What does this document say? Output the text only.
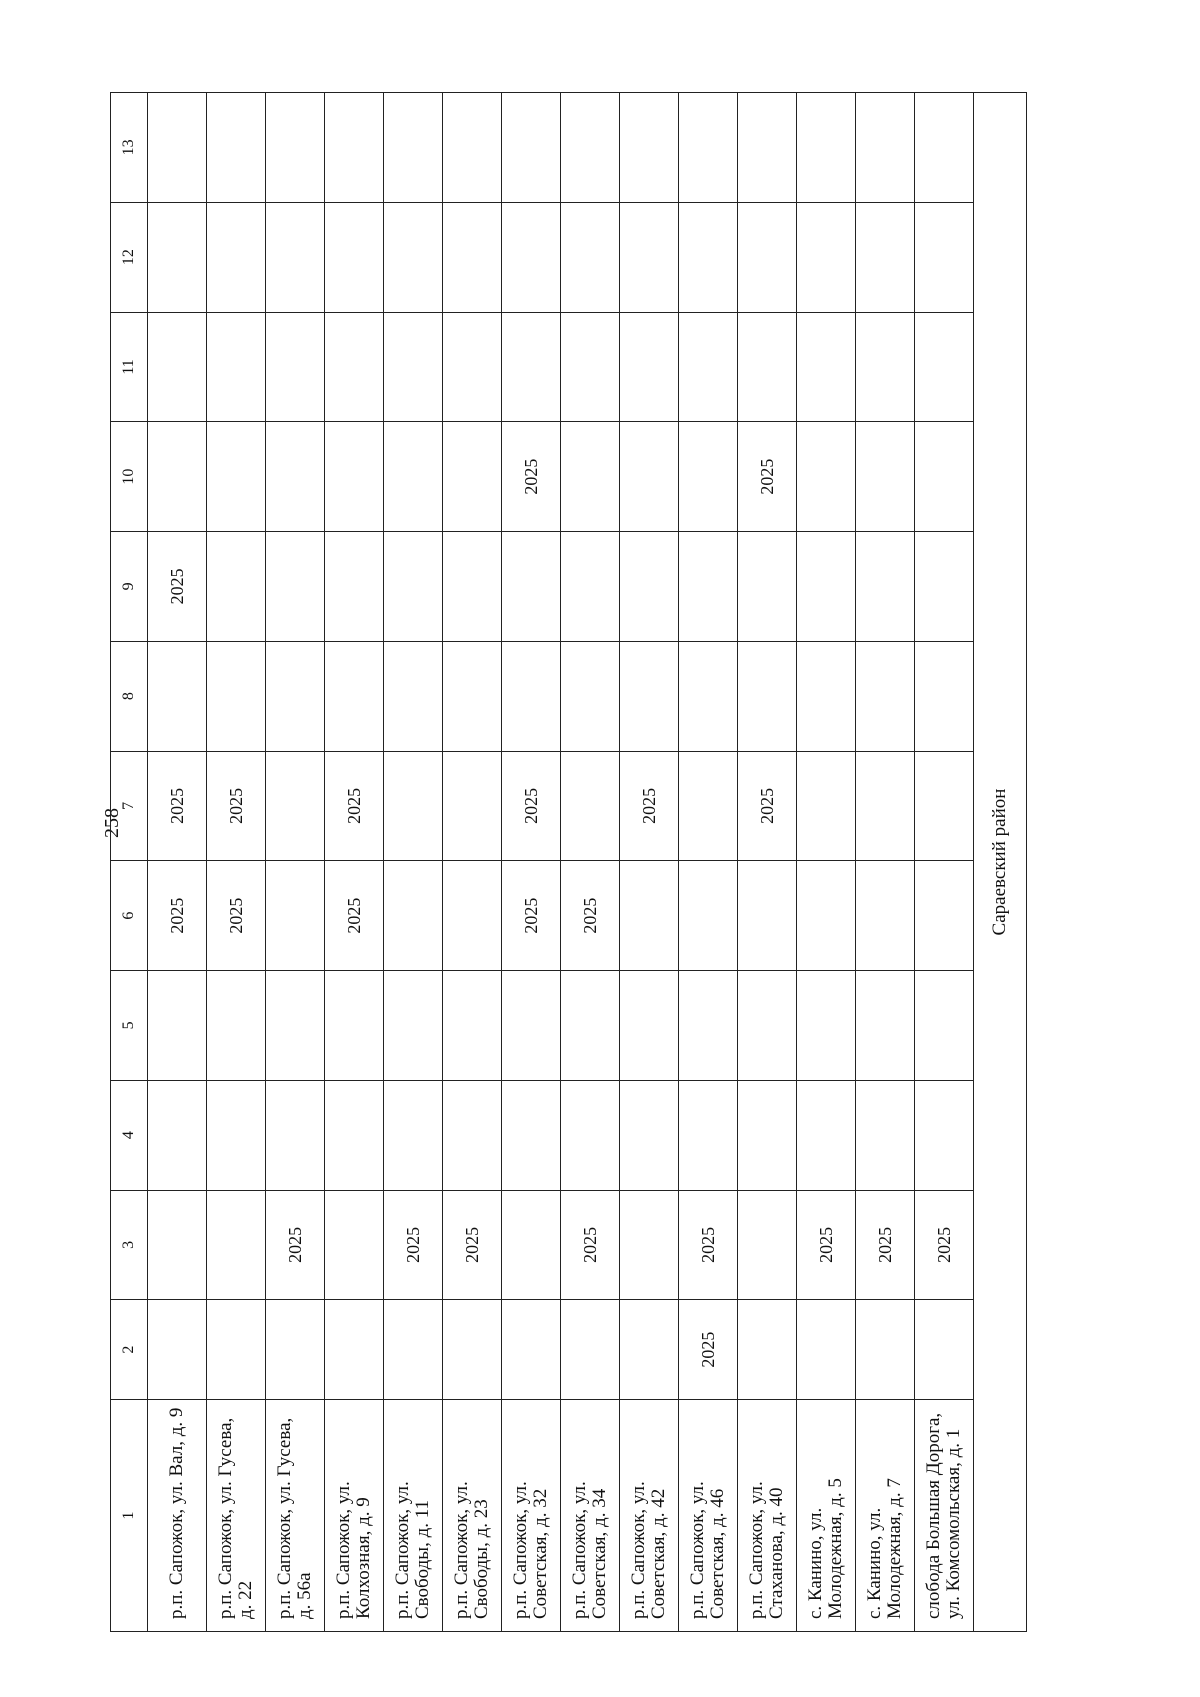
258
1	2	3	4	5	6	7	8	9	10	11	12	13
р.п. Сапожок, ул. Вал, д. 9					2025	2025		2025				
р.п. Сапожок, ул. Гусева, д. 22					2025	2025						
р.п. Сапожок, ул. Гусева, д. 56а		2025										
р.п. Сапожок, ул. Колхозная, д. 9					2025	2025						
р.п. Сапожок, ул. Свободы, д. 11		2025										
р.п. Сапожок, ул. Свободы, д. 23		2025										
р.п. Сапожок, ул. Советская, д. 32					2025	2025			2025			
р.п. Сапожок, ул. Советская, д. 34		2025			2025							
р.п. Сапожок, ул. Советская, д. 42						2025						
р.п. Сапожок, ул. Советская, д. 46	2025	2025										
р.п. Сапожок, ул. Стаханова, д. 40						2025			2025			
с. Канино, ул. Молодежная, д. 5		2025										
с. Канино, ул. Молодежная, д. 7		2025										
слобода Большая Дорога, ул. Комсомольская, д. 1		2025										
Сараевский район												
